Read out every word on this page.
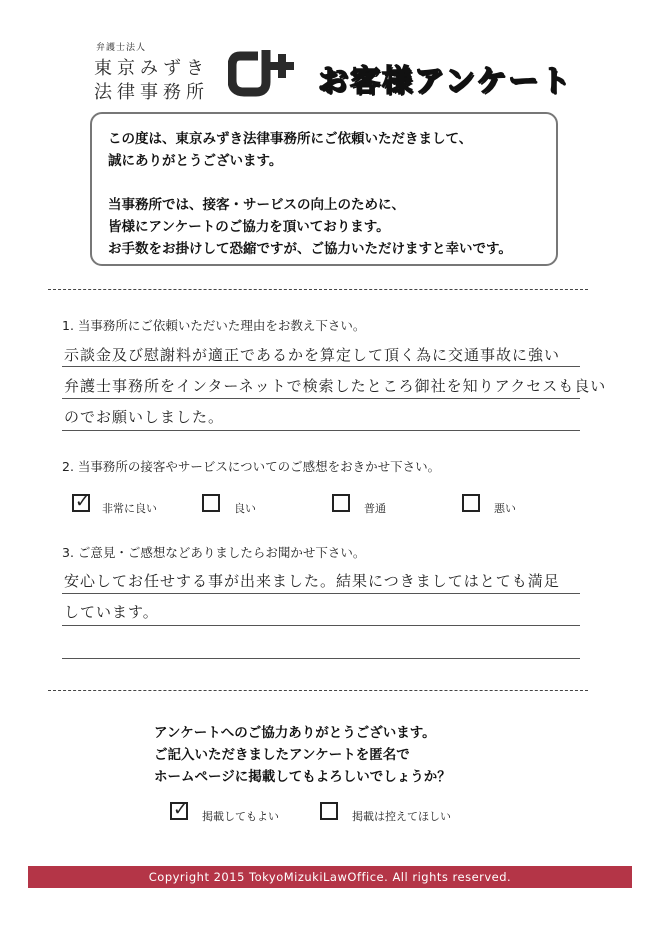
弁護士法人
東京みずき
法律事務所	お客様アンケート

この度は、東京みずき法律事務所にご依頼いただきまして、

誠にありがとうございます。

当事務所では、接客・サービスの向上のために、

皆様にアンケートのご協力を頂いております。

お手数をお掛けして恐縮ですが、ご協力いただけますと幸いです。

1. 当事務所にご依頼いただいた理由をお教え下さい。
示談金及び慰謝料が適正であるかを算定して頂く為に交通事故に強い
弁護士事務所をインターネットで検索したところ御社を知りアクセスも良い
のでお願いしました。
2. 当事務所の接客やサービスについてのご感想をおきかせ下さい。
✓ 非常に良い	良い	普通	悪い
3. ご意見・ご感想などありましたらお聞かせ下さい。
安心してお任せする事が出来ました。結果につきましてはとても満足
しています。

アンケートへのご協力ありがとうございます。

ご記入いただきましたアンケートを匿名で

ホームページに掲載してもよろしいでしょうか？

✓ 掲載してもよい	掲載は控えてほしい
Copyright 2015 TokyoMizukiLawOffice. All rights reserved.
